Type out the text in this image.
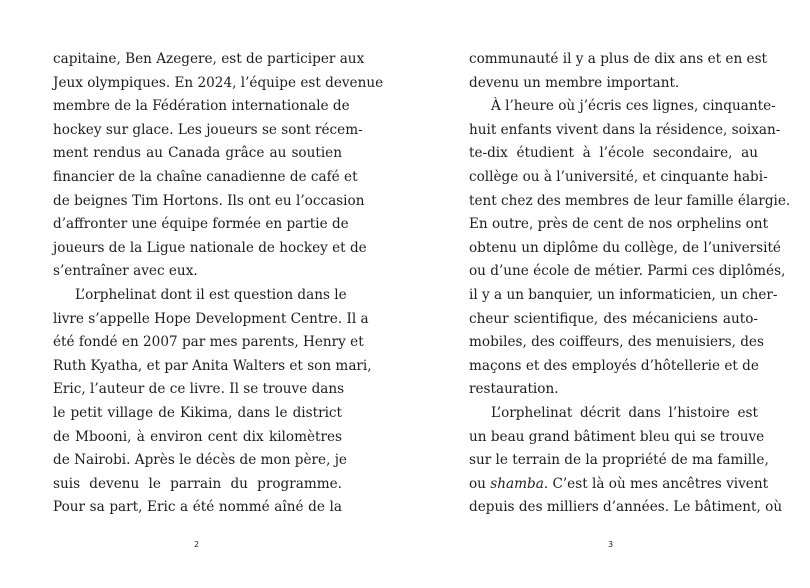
capitaine, Ben Azegere, est de participer aux
Jeux olympiques. En 2024, l’équipe est devenue
membre de la Fédération internationale de
hockey sur glace. Les joueurs se sont récem-
ment rendus au Canada grâce au soutien
financier de la chaîne canadienne de café et
de beignes Tim Hortons. Ils ont eu l’occasion
d’affronter une équipe formée en partie de
joueurs de la Ligue nationale de hockey et de
s’entraîner avec eux.
L’orphelinat dont il est question dans le
livre s’appelle Hope Development Centre. Il a
été fondé en 2007 par mes parents, Henry et
Ruth Kyatha, et par Anita Walters et son mari,
Eric, l’auteur de ce livre. Il se trouve dans
le petit village de Kikima, dans le district
de Mbooni, à environ cent dix kilomètres
de Nairobi. Après le décès de mon père, je
suis devenu le parrain du programme.
Pour sa part, Eric a été nommé aîné de la
2
communauté il y a plus de dix ans et en est
devenu un membre important.
À l’heure où j’écris ces lignes, cinquante-
huit enfants vivent dans la résidence, soixan-
te-dix étudient à l’école secondaire, au
collège ou à l’université, et cinquante habi-
tent chez des membres de leur famille élargie.
En outre, près de cent de nos orphelins ont
obtenu un diplôme du collège, de l’université
ou d’une école de métier. Parmi ces diplômés,
il y a un banquier, un informaticien, un cher-
cheur scientifique, des mécaniciens auto-
mobiles, des coiffeurs, des menuisiers, des
maçons et des employés d’hôtellerie et de
restauration.
L’orphelinat décrit dans l’histoire est
un beau grand bâtiment bleu qui se trouve
sur le terrain de la propriété de ma famille,
ou shamba. C’est là où mes ancêtres vivent
depuis des milliers d’années. Le bâtiment, où
3
